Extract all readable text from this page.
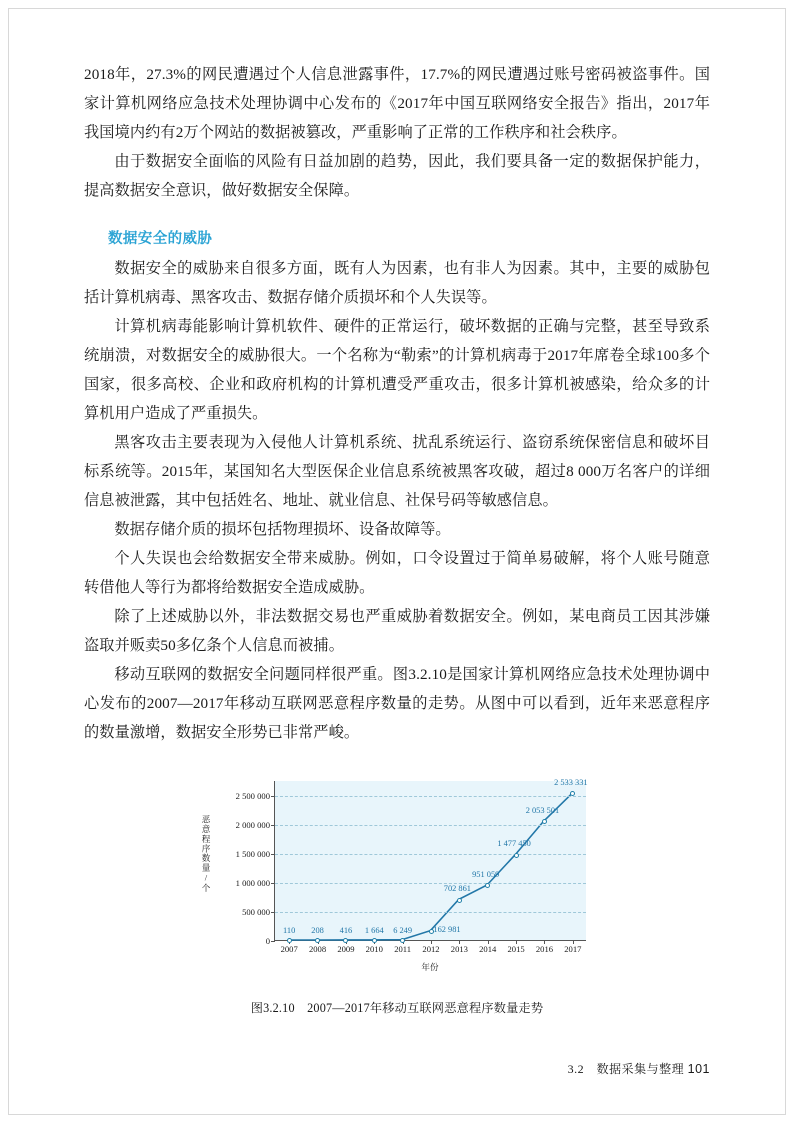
2018年，27.3%的网民遭遇过个人信息泄露事件，17.7%的网民遭遇过账号密码被盗事件。国家计算机网络应急技术处理协调中心发布的《2017年中国互联网络安全报告》指出，2017年我国境内约有2万个网站的数据被篡改，严重影响了正常的工作秩序和社会秩序。

由于数据安全面临的风险有日益加剧的趋势，因此，我们要具备一定的数据保护能力，提高数据安全意识，做好数据安全保障。

数据安全的威胁

数据安全的威胁来自很多方面，既有人为因素，也有非人为因素。其中，主要的威胁包括计算机病毒、黑客攻击、数据存储介质损坏和个人失误等。

计算机病毒能影响计算机软件、硬件的正常运行，破坏数据的正确与完整，甚至导致系统崩溃，对数据安全的威胁很大。一个名称为“勒索”的计算机病毒于2017年席卷全球100多个国家，很多高校、企业和政府机构的计算机遭受严重攻击，很多计算机被感染，给众多的计算机用户造成了严重损失。

黑客攻击主要表现为入侵他人计算机系统、扰乱系统运行、盗窃系统保密信息和破坏目标系统等。2015年，某国知名大型医保企业信息系统被黑客攻破，超过8 000万名客户的详细信息被泄露，其中包括姓名、地址、就业信息、社保号码等敏感信息。

数据存储介质的损坏包括物理损坏、设备故障等。

个人失误也会给数据安全带来威胁。例如，口令设置过于简单易破解，将个人账号随意转借他人等行为都将给数据安全造成威胁。

除了上述威胁以外，非法数据交易也严重威胁着数据安全。例如，某电商员工因其涉嫌盗取并贩卖50多亿条个人信息而被捕。

移动互联网的数据安全问题同样很严重。图3.2.10是国家计算机网络应急技术处理协调中心发布的2007—2017年移动互联网恶意程序数量的走势。从图中可以看到，近年来恶意程序的数量激增，数据安全形势已非常严峻。

恶意程序数量/个
0
500 000
1 000 000
1 500 000
2 000 000
2 500 000
2007 2008 2009 2010 2011 2012 2013 2014 2015 2016 2017
110 208 416 1 664 6 249	162 981
702 861
951 059
1 477 450
2 053 501
2 533 331
年份
图3.2.10　2007—2017年移动互联网恶意程序数量走势
3.2　数据采集与整理 101
